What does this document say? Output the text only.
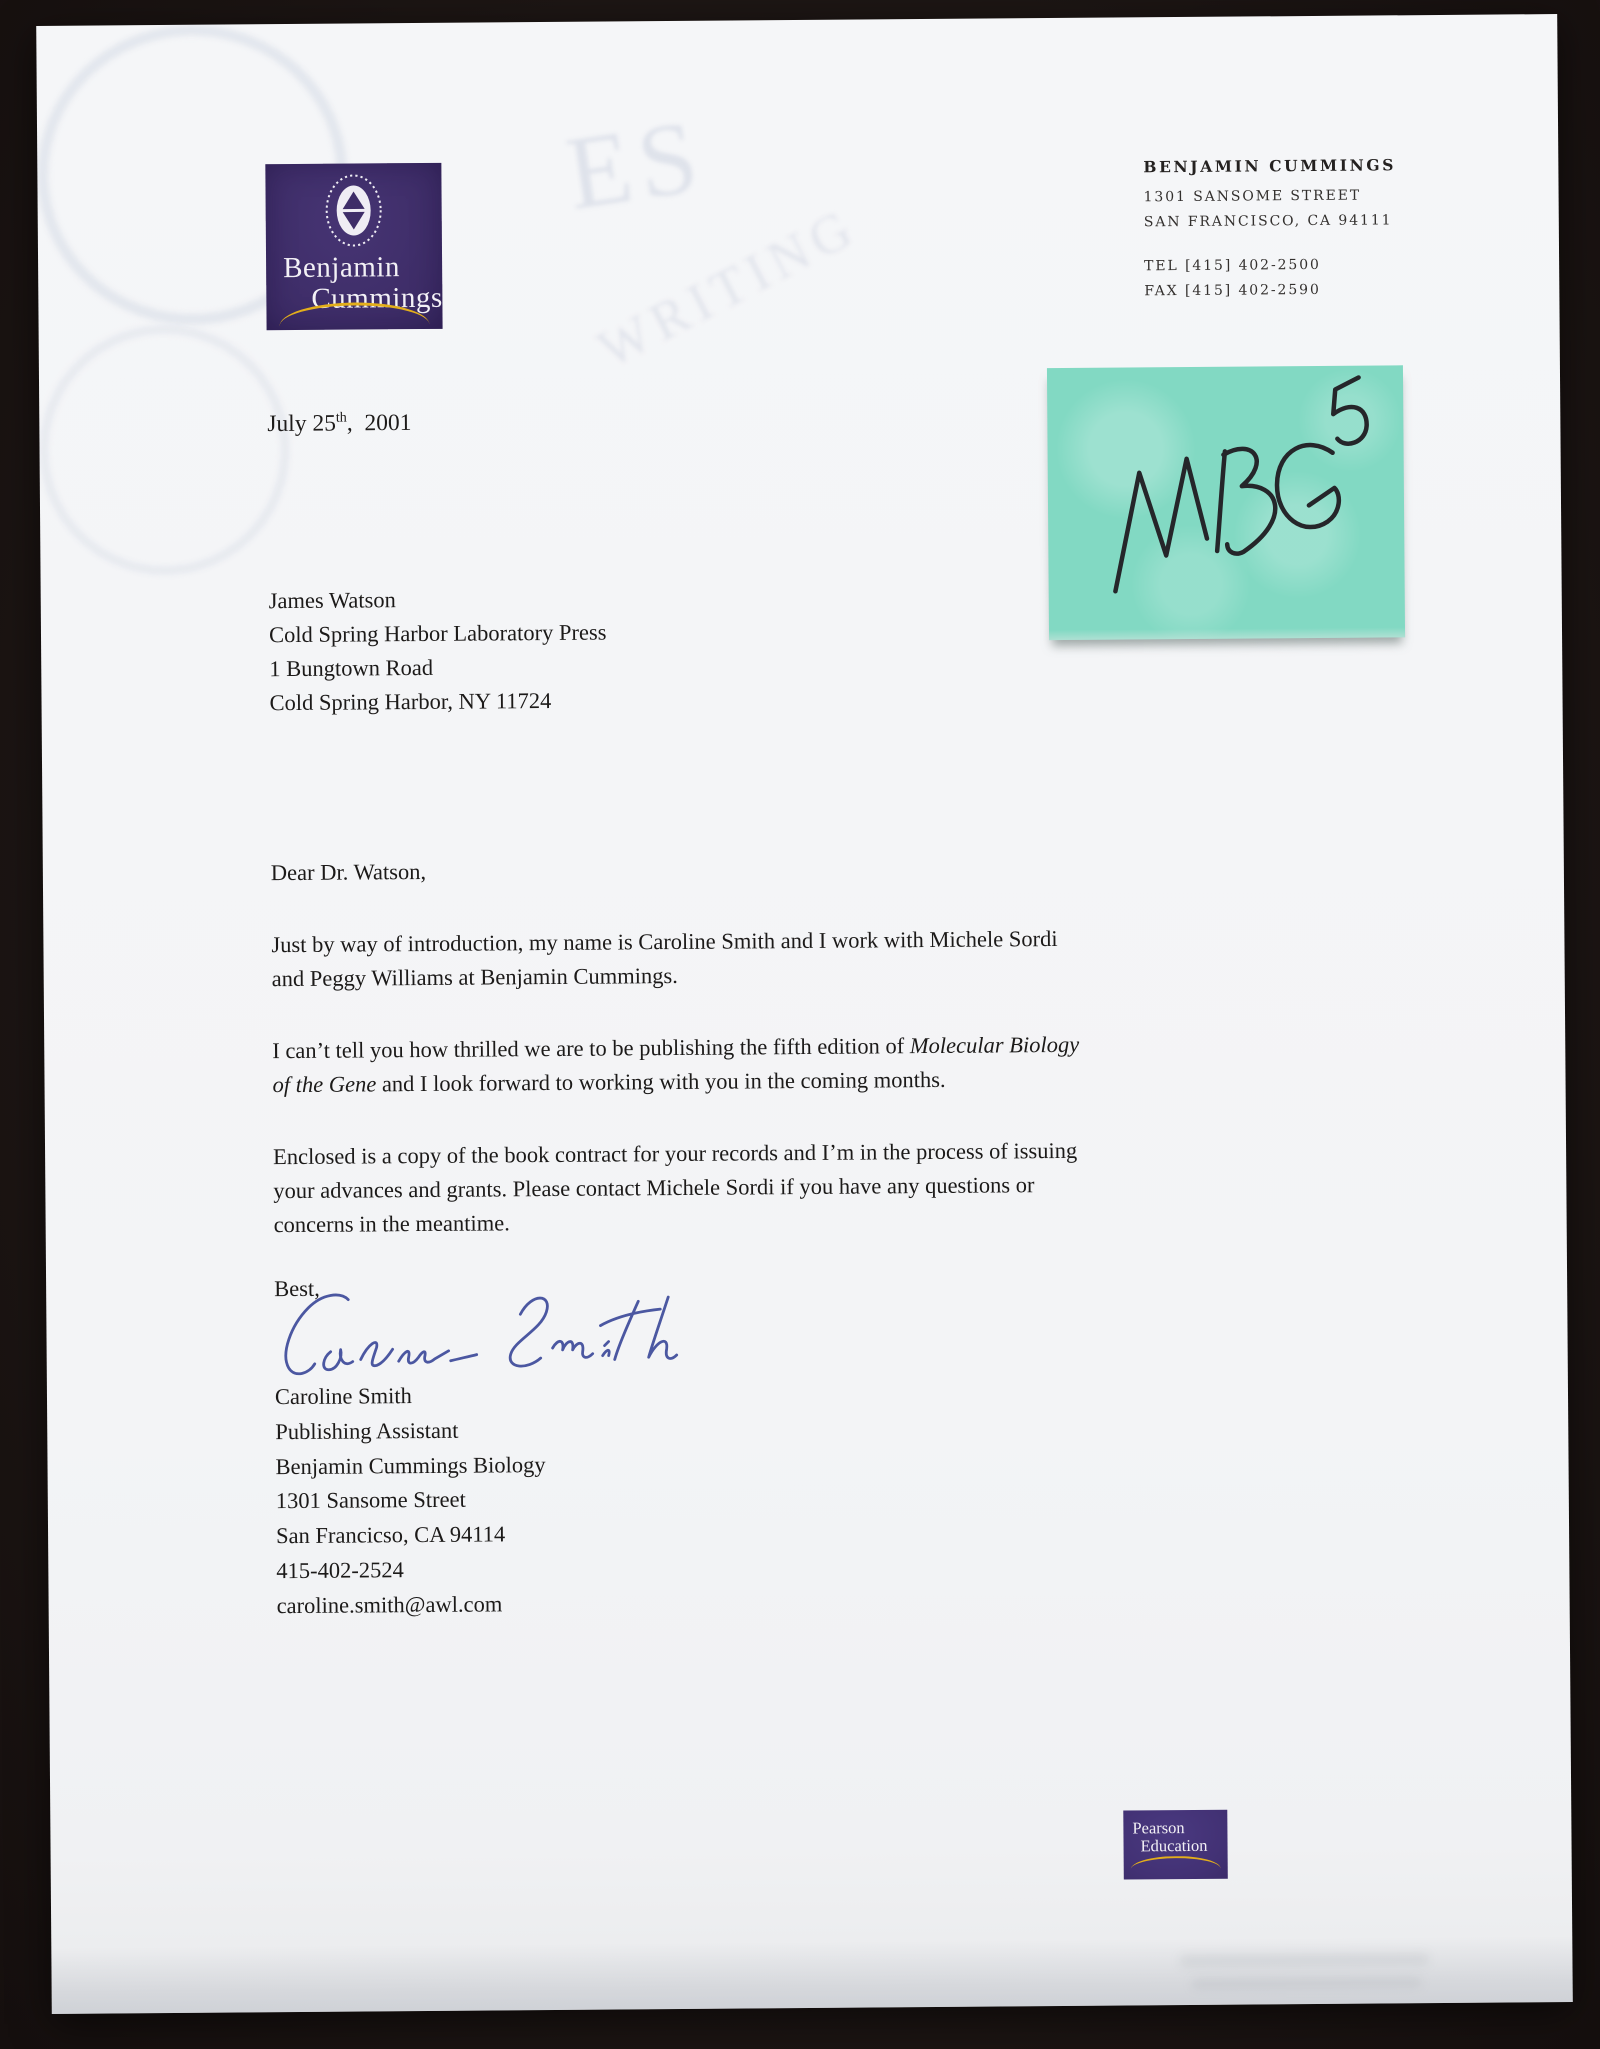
ES
WRITING
Benjamin
Cummings
BENJAMIN CUMMINGS
1301 SANSOME STREET
SAN FRANCISCO, CA 94111
TEL [415] 402-2500
FAX [415] 402-2590
July 25th,  2001
James Watson
Cold Spring Harbor Laboratory Press
1 Bungtown Road
Cold Spring Harbor, NY 11724
Dear Dr. Watson,
Just by way of introduction, my name is Caroline Smith and I work with Michele Sordi
and Peggy Williams at Benjamin Cummings.
I can’t tell you how thrilled we are to be publishing the fifth edition of Molecular Biology
of the Gene and I look forward to working with you in the coming months.
Enclosed is a copy of the book contract for your records and I’m in the process of issuing
your advances and grants. Please contact Michele Sordi if you have any questions or
concerns in the meantime.
Best,
Caroline Smith
Publishing Assistant
Benjamin Cummings Biology
1301 Sansome Street
San Francicso, CA 94114
415-402-2524
caroline.smith@awl.com
Pearson
Education
